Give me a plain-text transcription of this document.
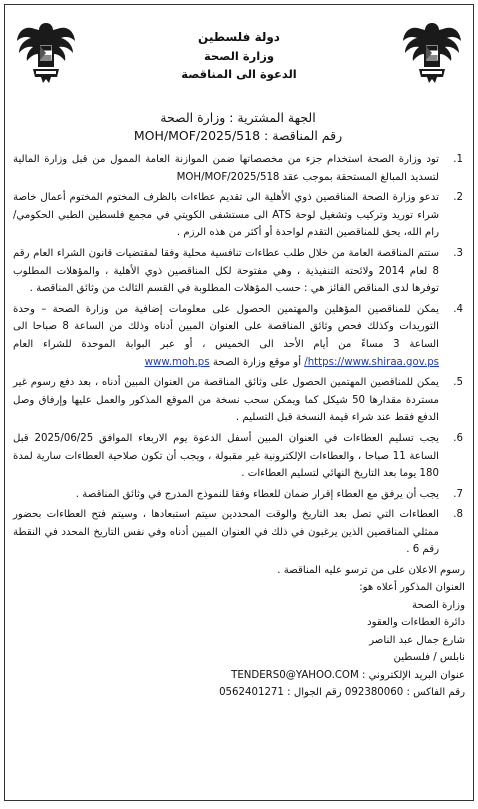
دولة فلسطين
وزارة الصحة
الدعوة الى المناقصة
الجهة المشترية : وزارة الصحة
رقم المناقصة : MOH/MOF/2025/518
1.
تود وزارة الصحة استخدام جزء من مخصصاتها ضمن الموازنة العامة الممول من قبل وزارة المالية لتسديد المبالغ المستحقة بموجب عقد MOH/MOF/2025/518
2.
تدعو وزارة الصحة المناقصين ذوي الأهلية الى تقديم عطاءات بالظرف المختوم المختوم أعمال خاصة شراء توريد وتركيب وتشغيل لوحة ATS الى مستشفى الكويتي في مجمع فلسطين الطبي الحكومي/رام الله، يحق للمناقصين التقدم لواحدة أو أكثر من هذه الرزم .
3.
ستتم المناقصة العامة من خلال طلب عطاءات تنافسية محلية وفقا لمقتضيات قانون الشراء العام رقم 8 لعام 2014 ولائحته التنفيذية ، وهي مفتوحة لكل المناقصين ذوي الأهلية ، والمؤهلات المطلوب توفرها لدى المناقص الفائز هي : حسب المؤهلات المطلوبة في القسم الثالث من وثائق المناقصة .
4.
يمكن للمناقصين المؤهلين والمهتمين الحصول على معلومات إضافية من وزارة الصحة – وحدة التوريدات وكذلك فحص وثائق المناقصة على العنوان المبين أدناه وذلك من الساعة 8 صباحا الى الساعة 3 مساءً من أيام الأحد الى الخميس ، أو عبر البوابة الموحدة للشراء العام https://www.shiraa.gov.ps/ أو موقع وزارة الصحة www.moh.ps
5.
يمكن للمناقصين المهتمين الحصول على وثائق المناقصة من العنوان المبين أدناه ، بعد دفع رسوم غير مستردة مقدارها 50 شيكل كما ويمكن سحب نسخة من الموقع المذكور والعمل عليها وإرفاق وصل الدفع فقط عند شراء قيمة النسخة قبل التسليم .
6.
يجب تسليم العطاءات في العنوان المبين أسفل الدعوة يوم الاربعاء الموافق 2025/06/25 قبل الساعة 11 صباحا ، والعطاءات الإلكترونية غير مقبولة ، ويجب أن تكون صلاحية العطاءات سارية لمدة 180 يوما بعد التاريخ النهائي لتسليم العطاءات .
7.
يجب أن يرفق مع العطاء إقرار ضمان للعطاء وفقا للنموذج المدرج في وثائق المناقصة .
8.
العطاءات التي تصل بعد التاريخ والوقت المحددين سيتم استبعادها ، وسيتم فتح العطاءات بحضور ممثلي المناقصين الذين يرغبون في ذلك في العنوان المبين أدناه وفي نفس التاريخ المحدد في النقطة رقم 6 .
رسوم الاعلان على من ترسو عليه المناقصة .
العنوان المذكور أعلاه هو:
وزارة الصحة
دائرة العطاءات والعقود
شارع جمال عبد الناصر
نابلس / فلسطين
عنوان البريد الإلكتروني : TENDERS0@YAHOO.COM
رقم الفاكس : 092380060 رقم الجوال : 0562401271
